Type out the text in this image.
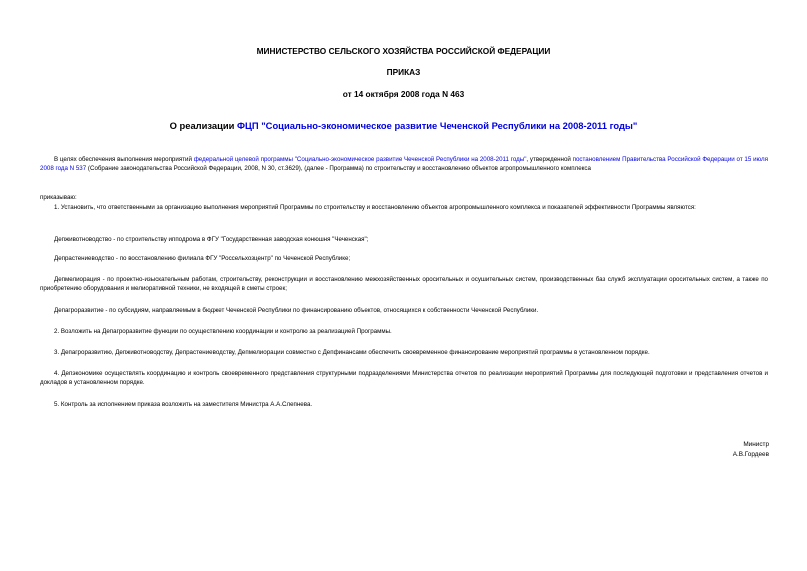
МИНИСТЕРСТВО СЕЛЬСКОГО ХОЗЯЙСТВА РОССИЙСКОЙ ФЕДЕРАЦИИ
ПРИКАЗ
от 14 октября 2008 года N 463
О реализации ФЦП "Социально-экономическое развитие Чеченской Республики на 2008-2011 годы"
В целях обеспечения выполнения мероприятий федеральной целевой программы "Социально-экономическое развитие Чеченской Республики на 2008-2011 годы", утвержденной постановлением Правительства Российской Федерации от 15 июля 2008 года N 537 (Собрание законодательства Российской Федерации, 2008, N 30, ст.3629), (далее - Программа) по строительству и восстановлению объектов агропромышленного комплекса
приказываю:
1. Установить, что ответственными за организацию выполнения мероприятий Программы по строительству и восстановлению объектов агропромышленного комплекса и показателей эффективности Программы являются:
Депживотноводство - по строительству ипподрома в ФГУ "Государственная заводская конюшня "Чеченская";
Депрастениеводство - по восстановлению филиала ФГУ "Россельхозцентр" по Чеченской Республике;
Депмелиорация - по проектно-изыскательным работам, строительству, реконструкции и восстановлению межхозяйственных оросительных и осушительных систем, производственных баз служб эксплуатации оросительных систем, а также по приобретению оборудования и мелиоративной техники, не входящей в сметы строек;
Депагроразвитие - по субсидиям, направляемым в бюджет Чеченской Республики по финансированию объектов, относящихся к собственности Чеченской Республики.
2. Возложить на Депагроразвитие функции по осуществлению координации и контролю за реализацией Программы.
3. Депагроразвитию, Депживотноводству, Депрастениеводству, Депмелиорации совместно с Депфинансами обеспечить своевременное финансирование мероприятий программы в установленном порядке.
4. Депэкономике осуществлять координацию и контроль своевременного представления структурными подразделениями Министерства отчетов по реализации мероприятий Программы для последующей подготовки и представления отчетов и докладов в установленном порядке.
5. Контроль за исполнением приказа возложить на заместителя Министра А.А.Слепнева.
Министр
А.В.Гордеев
